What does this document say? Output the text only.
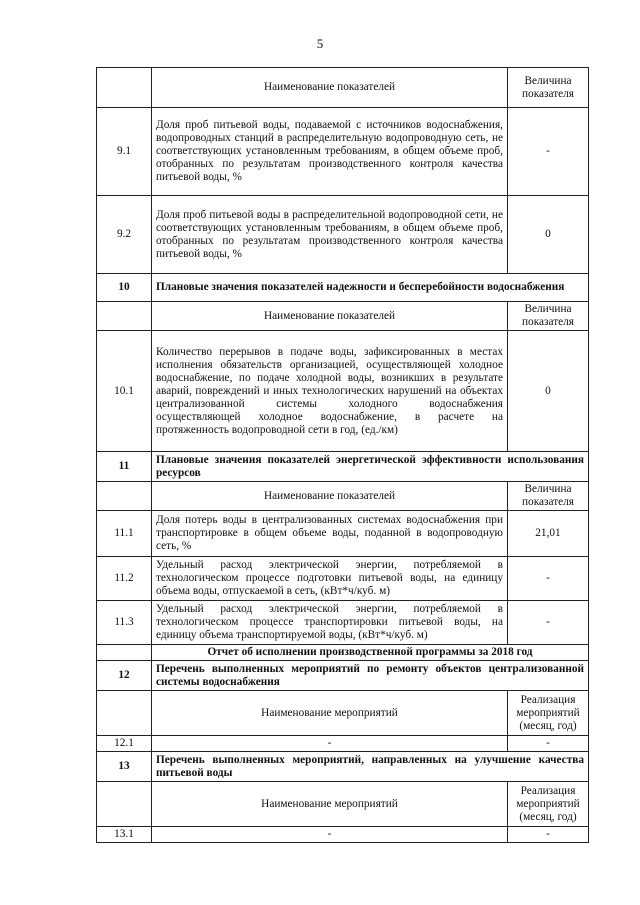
5
	Наименование показателей	Величина
показателя

9.1	Доля проб питьевой воды, подаваемой с источников водоснабжения, водопроводных станций в распределительную водопроводную сеть, не соответствующих установленным требованиям, в общем объеме проб, отобранных по результатам производственного контроля качества питьевой воды, %	-
9.2	Доля проб питьевой воды в распределительной водопроводной сети, не соответствующих установленным требованиям, в общем объеме проб, отобранных по результатам производственного контроля качества питьевой воды, %	0
10	Плановые значения показателей надежности и бесперебойности водоснабжения	
	Наименование показателей	Величина
показателя

10.1	Количество перерывов в подаче воды, зафиксированных в местах исполнения обязательств организацией, осуществляющей холодное водоснабжение, по подаче холодной воды, возникших в результате аварий, повреждений и иных технологических нарушений на объектах централизованной системы холодного водоснабжения осуществляющей холодное водоснабжение, в расчете на протяженность водопроводной сети в год, (ед./км)	0
11	Плановые значения показателей энергетической эффективности использования ресурсов	
	Наименование показателей	Величина
показателя

11.1	Доля потерь воды в централизованных системах водоснабжения при транспортировке в общем объеме воды, поданной в водопроводную сеть, %	21,01
11.2	Удельный расход электрической энергии, потребляемой в технологическом процессе подготовки питьевой воды, на единицу объема воды, отпускаемой в сеть, (кВт*ч/куб. м)	-
11.3	Удельный расход электрической энергии, потребляемой в технологическом процессе транспортировки питьевой воды, на единицу объема транспортируемой воды, (кВт*ч/куб. м)	-
	Отчет об исполнении производственной программы за 2018 год	
12	Перечень выполненных мероприятий по ремонту объектов централизованной системы водоснабжения	
	Наименование мероприятий	Реализация
мероприятий
(месяц, год)

12.1	-	-
13	Перечень выполненных мероприятий, направленных на улучшение качества питьевой воды	
	Наименование мероприятий	Реализация
мероприятий
(месяц, год)

13.1	-	-
